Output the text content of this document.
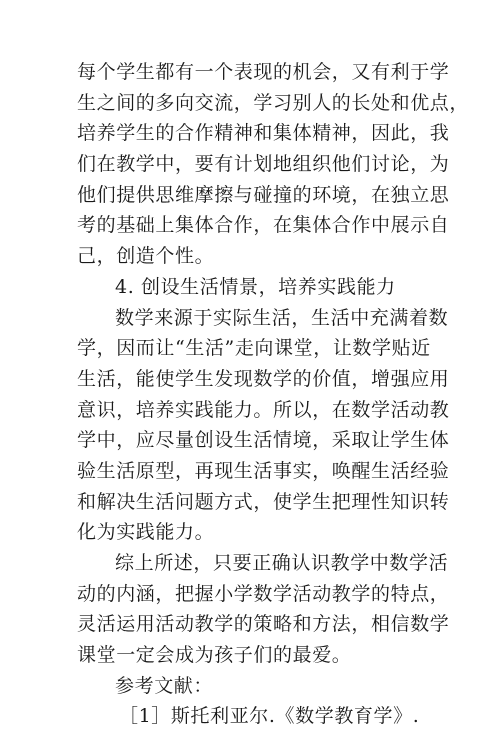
每个学生都有一个表现的机会，又有利于学
生之间的多向交流，学习别人的长处和优点，
培养学生的合作精神和集体精神，因此，我
们在教学中，要有计划地组织他们讨论，为
他们提供思维摩擦与碰撞的环境，在独立思
考的基础上集体合作，在集体合作中展示自
己，创造个性。
4. 创设生活情景，培养实践能力
数学来源于实际生活，生活中充满着数
学，因而让“生活”走向课堂，让数学贴近
生活，能使学生发现数学的价值，增强应用
意识，培养实践能力。所以，在数学活动教
学中，应尽量创设生活情境，采取让学生体
验生活原型，再现生活事实，唤醒生活经验
和解决生活问题方式，使学生把理性知识转
化为实践能力。
综上所述，只要正确认识教学中数学活
动的内涵，把握小学数学活动教学的特点，
灵活运用活动教学的策略和方法，相信数学
课堂一定会成为孩子们的最爱。
参考文献：
［1］斯托利亚尔.《数学教育学》.
